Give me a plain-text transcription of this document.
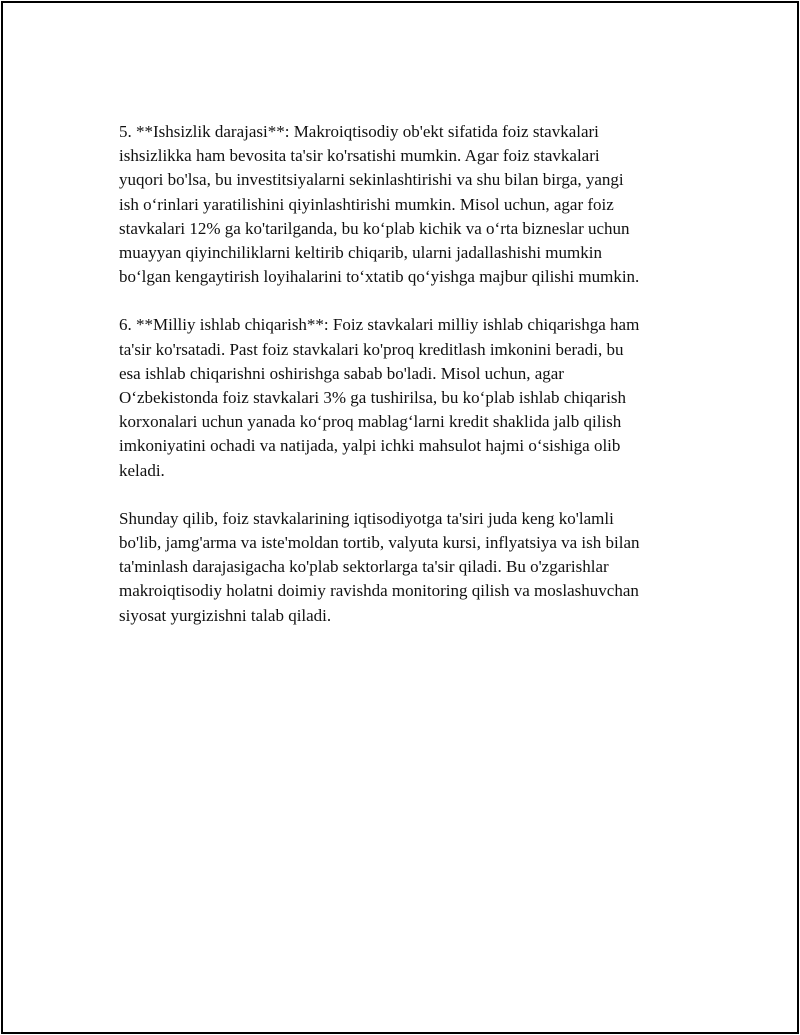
5. **Ishsizlik darajasi**: Makroiqtisodiy ob'ekt sifatida foiz stavkalari
ishsizlikka ham bevosita ta'sir ko'rsatishi mumkin. Agar foiz stavkalari
yuqori bo'lsa, bu investitsiyalarni sekinlashtirishi va shu bilan birga, yangi
ish o‘rinlari yaratilishini qiyinlashtirishi mumkin. Misol uchun, agar foiz
stavkalari 12% ga ko'tarilganda, bu ko‘plab kichik va o‘rta bizneslar uchun
muayyan qiyinchiliklarni keltirib chiqarib, ularni jadallashishi mumkin
bo‘lgan kengaytirish loyihalarini to‘xtatib qo‘yishga majbur qilishi mumkin.

6. **Milliy ishlab chiqarish**: Foiz stavkalari milliy ishlab chiqarishga ham
ta'sir ko'rsatadi. Past foiz stavkalari ko'proq kreditlash imkonini beradi, bu
esa ishlab chiqarishni oshirishga sabab bo'ladi. Misol uchun, agar
O‘zbekistonda foiz stavkalari 3% ga tushirilsa, bu ko‘plab ishlab chiqarish
korxonalari uchun yanada ko‘proq mablag‘larni kredit shaklida jalb qilish
imkoniyatini ochadi va natijada, yalpi ichki mahsulot hajmi o‘sishiga olib
keladi.

Shunday qilib, foiz stavkalarining iqtisodiyotga ta'siri juda keng ko'lamli
bo'lib, jamg'arma va iste'moldan tortib, valyuta kursi, inflyatsiya va ish bilan
ta'minlash darajasigacha ko'plab sektorlarga ta'sir qiladi. Bu o'zgarishlar
makroiqtisodiy holatni doimiy ravishda monitoring qilish va moslashuvchan
siyosat yurgizishni talab qiladi.
